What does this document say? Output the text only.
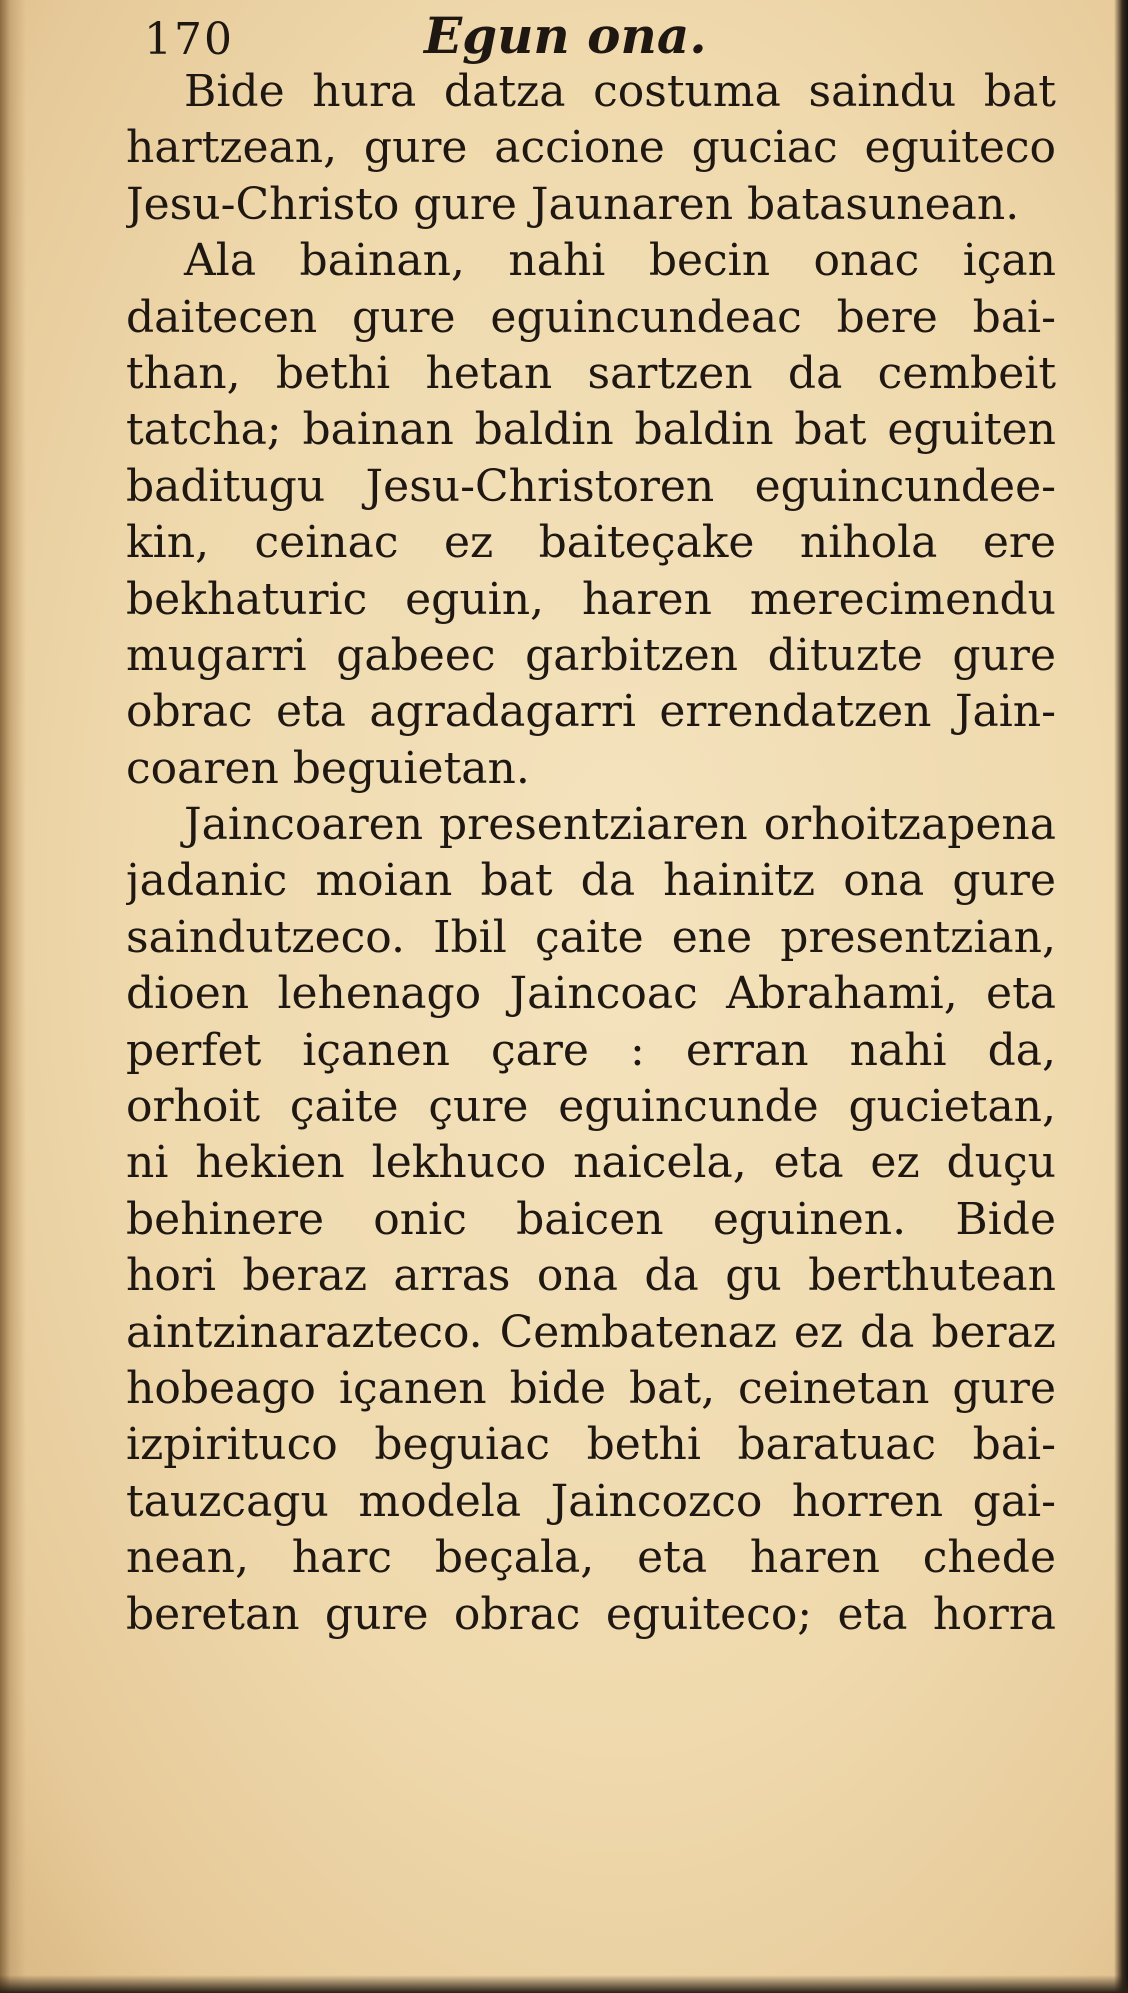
170	Egun ona.
Bide hura datza costuma saindu bat
hartzean, gure accione guciac eguiteco
Jesu-Christo gure Jaunaren batasunean.
Ala bainan, nahi becin onac içan
daitecen gure eguincundeac bere bai-
than, bethi hetan sartzen da cembeit
tatcha; bainan baldin baldin bat eguiten
baditugu Jesu-Christoren eguincundee-
kin, ceinac ez baiteçake nihola ere
bekhaturic eguin, haren merecimendu
mugarri gabeec garbitzen dituzte gure
obrac eta agradagarri errendatzen Jain-
coaren beguietan.
Jaincoaren presentziaren orhoitzapena
jadanic moian bat da hainitz ona gure
saindutzeco. Ibil çaite ene presentzian,
dioen lehenago Jaincoac Abrahami, eta
perfet içanen çare : erran nahi da,
orhoit çaite çure eguincunde gucietan,
ni hekien lekhuco naicela, eta ez duçu
behinere onic baicen eguinen. Bide
hori beraz arras ona da gu berthutean
aintzinarazteco. Cembatenaz ez da beraz
hobeago içanen bide bat, ceinetan gure
izpirituco beguiac bethi baratuac bai-
tauzcagu modela Jaincozco horren gai-
nean, harc beçala, eta haren chede
beretan gure obrac eguiteco; eta horra
